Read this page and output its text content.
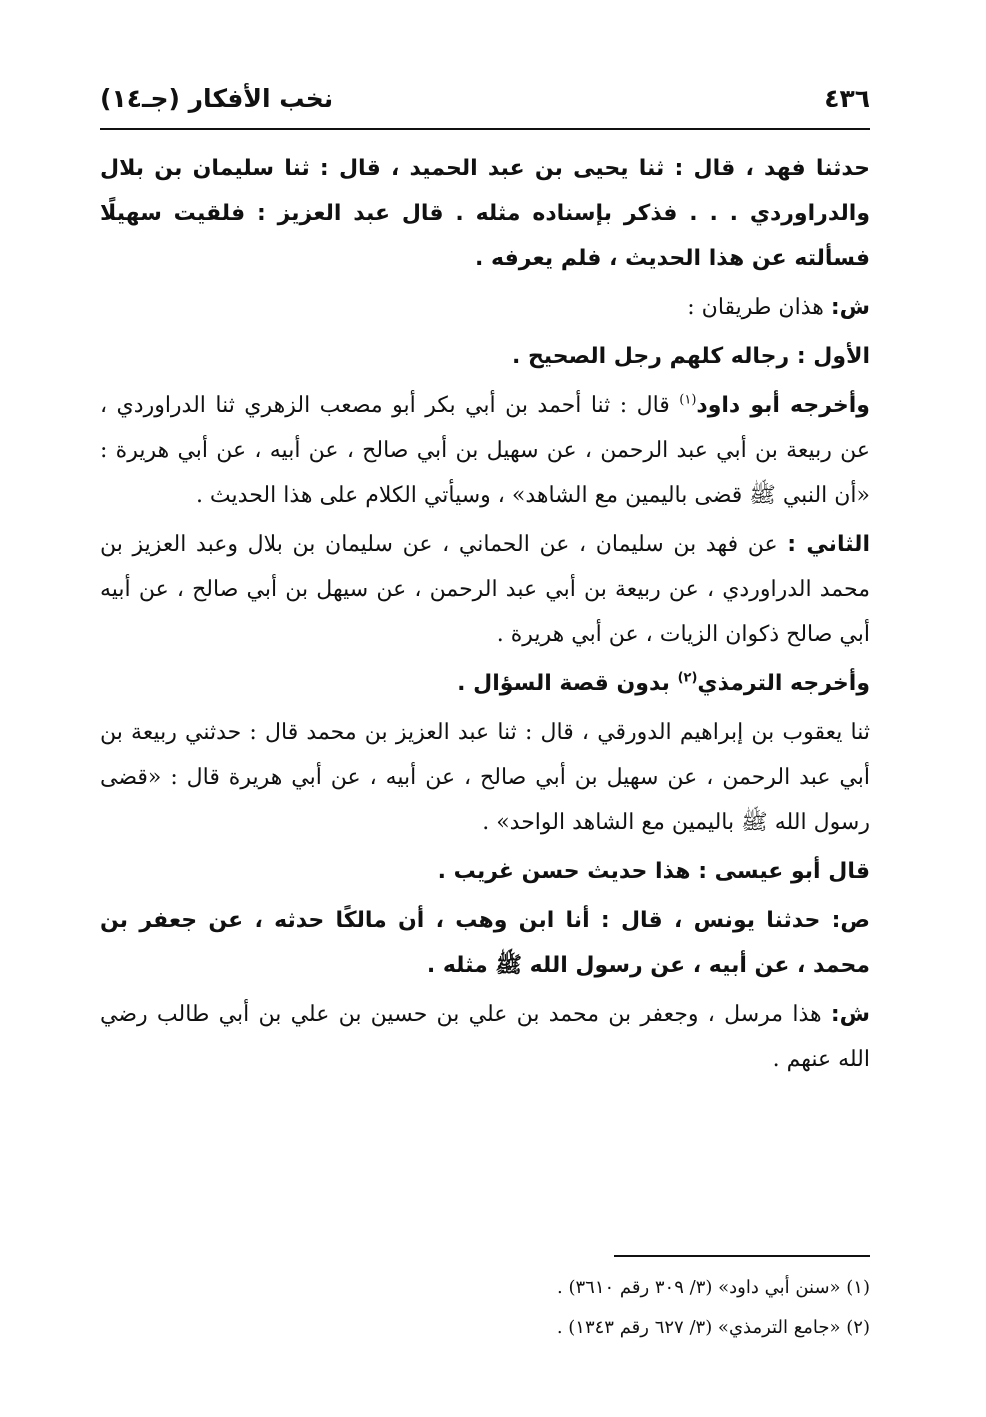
٤٣٦
نخب الأفكار (جـ١٤)

حدثنا فهد ، قال : ثنا يحيى بن عبد الحميد ، قال : ثنا سليمان بن بلال والدراوردي . . . فذكر بإسناده مثله . قال عبد العزيز : فلقيت سهيلًا فسألته عن هذا الحديث ، فلم يعرفه .

ش: هذان طريقان :

الأول : رجاله كلهم رجل الصحيح .

وأخرجه أبو داود$^{(١)}$ قال : ثنا أحمد بن أبي بكر أبو مصعب الزهري ثنا الدراوردي ، عن ربيعة بن أبي عبد الرحمن ، عن سهيل بن أبي صالح ، عن أبيه ، عن أبي هريرة : «أن النبي ﷺ قضى باليمين مع الشاهد» ، وسيأتي الكلام على هذا الحديث .

الثاني : عن فهد بن سليمان ، عن الحماني ، عن سليمان بن بلال وعبد العزيز بن محمد الدراوردي ، عن ربيعة بن أبي عبد الرحمن ، عن سيهل بن أبي صالح ، عن أبيه أبي صالح ذكوان الزيات ، عن أبي هريرة .

وأخرجه الترمذي$^{(٢)}$ بدون قصة السؤال .

ثنا يعقوب بن إبراهيم الدورقي ، قال : ثنا عبد العزيز بن محمد قال : حدثني ربيعة بن أبي عبد الرحمن ، عن سهيل بن أبي صالح ، عن أبيه ، عن أبي هريرة قال : «قضى رسول الله ﷺ باليمين مع الشاهد الواحد» .

قال أبو عيسى : هذا حديث حسن غريب .

ص: حدثنا يونس ، قال : أنا ابن وهب ، أن مالكًا حدثه ، عن جعفر بن محمد ، عن أبيه ، عن رسول الله ﷺ مثله .

ش: هذا مرسل ، وجعفر بن محمد بن علي بن حسين بن علي بن أبي طالب رضي الله عنهم .

(١) «سنن أبي داود» (٣/ ٣٠٩ رقم ٣٦١٠) .

(٢) «جامع الترمذي» (٣/ ٦٢٧ رقم ١٣٤٣) .
